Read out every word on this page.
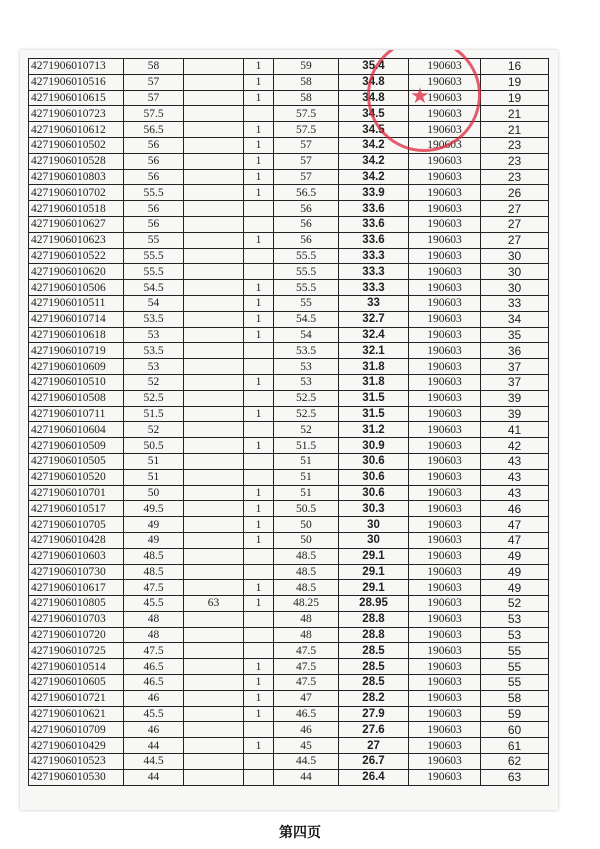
4271906010713	58		1	59	35.4	190603	16
4271906010516	57		1	58	34.8	190603	19
4271906010615	57		1	58	34.8	190603	19
4271906010723	57.5			57.5	34.5	190603	21
4271906010612	56.5		1	57.5	34.5	190603	21
4271906010502	56		1	57	34.2	190603	23
4271906010528	56		1	57	34.2	190603	23
4271906010803	56		1	57	34.2	190603	23
4271906010702	55.5		1	56.5	33.9	190603	26
4271906010518	56			56	33.6	190603	27
4271906010627	56			56	33.6	190603	27
4271906010623	55		1	56	33.6	190603	27
4271906010522	55.5			55.5	33.3	190603	30
4271906010620	55.5			55.5	33.3	190603	30
4271906010506	54.5		1	55.5	33.3	190603	30
4271906010511	54		1	55	33	190603	33
4271906010714	53.5		1	54.5	32.7	190603	34
4271906010618	53		1	54	32.4	190603	35
4271906010719	53.5			53.5	32.1	190603	36
4271906010609	53			53	31.8	190603	37
4271906010510	52		1	53	31.8	190603	37
4271906010508	52.5			52.5	31.5	190603	39
4271906010711	51.5		1	52.5	31.5	190603	39
4271906010604	52			52	31.2	190603	41
4271906010509	50.5		1	51.5	30.9	190603	42
4271906010505	51			51	30.6	190603	43
4271906010520	51			51	30.6	190603	43
4271906010701	50		1	51	30.6	190603	43
4271906010517	49.5		1	50.5	30.3	190603	46
4271906010705	49		1	50	30	190603	47
4271906010428	49		1	50	30	190603	47
4271906010603	48.5			48.5	29.1	190603	49
4271906010730	48.5			48.5	29.1	190603	49
4271906010617	47.5		1	48.5	29.1	190603	49
4271906010805	45.5	63	1	48.25	28.95	190603	52
4271906010703	48			48	28.8	190603	53
4271906010720	48			48	28.8	190603	53
4271906010725	47.5			47.5	28.5	190603	55
4271906010514	46.5		1	47.5	28.5	190603	55
4271906010605	46.5		1	47.5	28.5	190603	55
4271906010721	46		1	47	28.2	190603	58
4271906010621	45.5		1	46.5	27.9	190603	59
4271906010709	46			46	27.6	190603	60
4271906010429	44		1	45	27	190603	61
4271906010523	44.5			44.5	26.7	190603	62
4271906010530	44			44	26.4	190603	63
★
第四页
